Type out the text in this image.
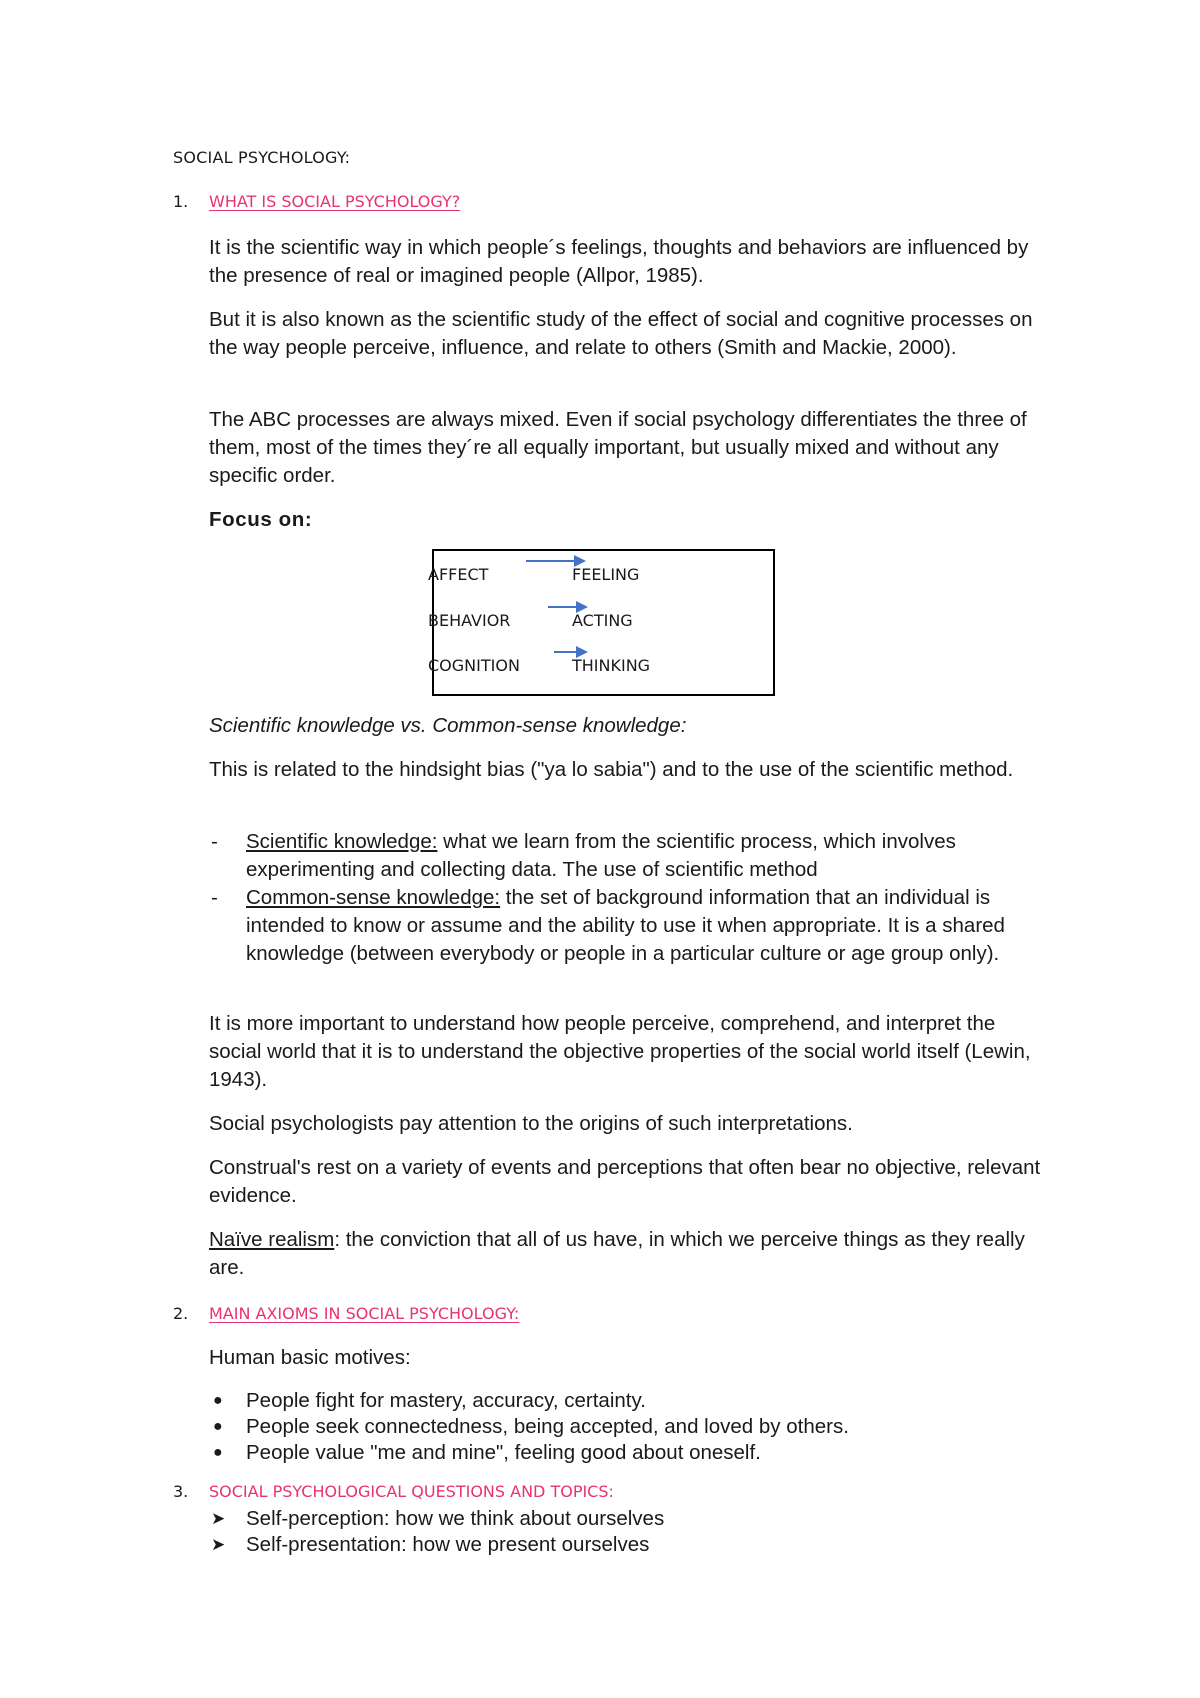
SOCIAL PSYCHOLOGY:
1. WHAT IS SOCIAL PSYCHOLOGY?

It is the scientific way in which people´s feelings, thoughts and behaviors are influenced by the presence of real or imagined people (Allpor, 1985).

But it is also known as the scientific study of the effect of social and cognitive processes on the way people perceive, influence, and relate to others (Smith and Mackie, 2000).

The ABC processes are always mixed. Even if social psychology differentiates the three of them, most of the times they´re all equally important, but usually mixed and without any specific order.

Focus on:
AFFECT	FEELING
BEHAVIOR	ACTING
COGNITION	THINKING

Scientific knowledge vs. Common-sense knowledge:

This is related to the hindsight bias ("ya lo sabia") and to the use of the scientific method.

- Scientific knowledge: what we learn from the scientific process, which involves experimenting and collecting data. The use of scientific method
- Common-sense knowledge: the set of background information that an individual is intended to know or assume and the ability to use it when appropriate. It is a shared knowledge (between everybody or people in a particular culture or age group only).

It is more important to understand how people perceive, comprehend, and interpret the social world that it is to understand the objective properties of the social world itself (Lewin, 1943).

Social psychologists pay attention to the origins of such interpretations.

Construal's rest on a variety of events and perceptions that often bear no objective, relevant evidence.

Naïve realism: the conviction that all of us have, in which we perceive things as they really are.

2. MAIN AXIOMS IN SOCIAL PSYCHOLOGY:

Human basic motives:

● People fight for mastery, accuracy, certainty.
● People seek connectedness, being accepted, and loved by others.
● People value "me and mine", feeling good about oneself.
3. SOCIAL PSYCHOLOGICAL QUESTIONS AND TOPICS:
➤ Self-perception: how we think about ourselves
➤ Self-presentation: how we present ourselves
